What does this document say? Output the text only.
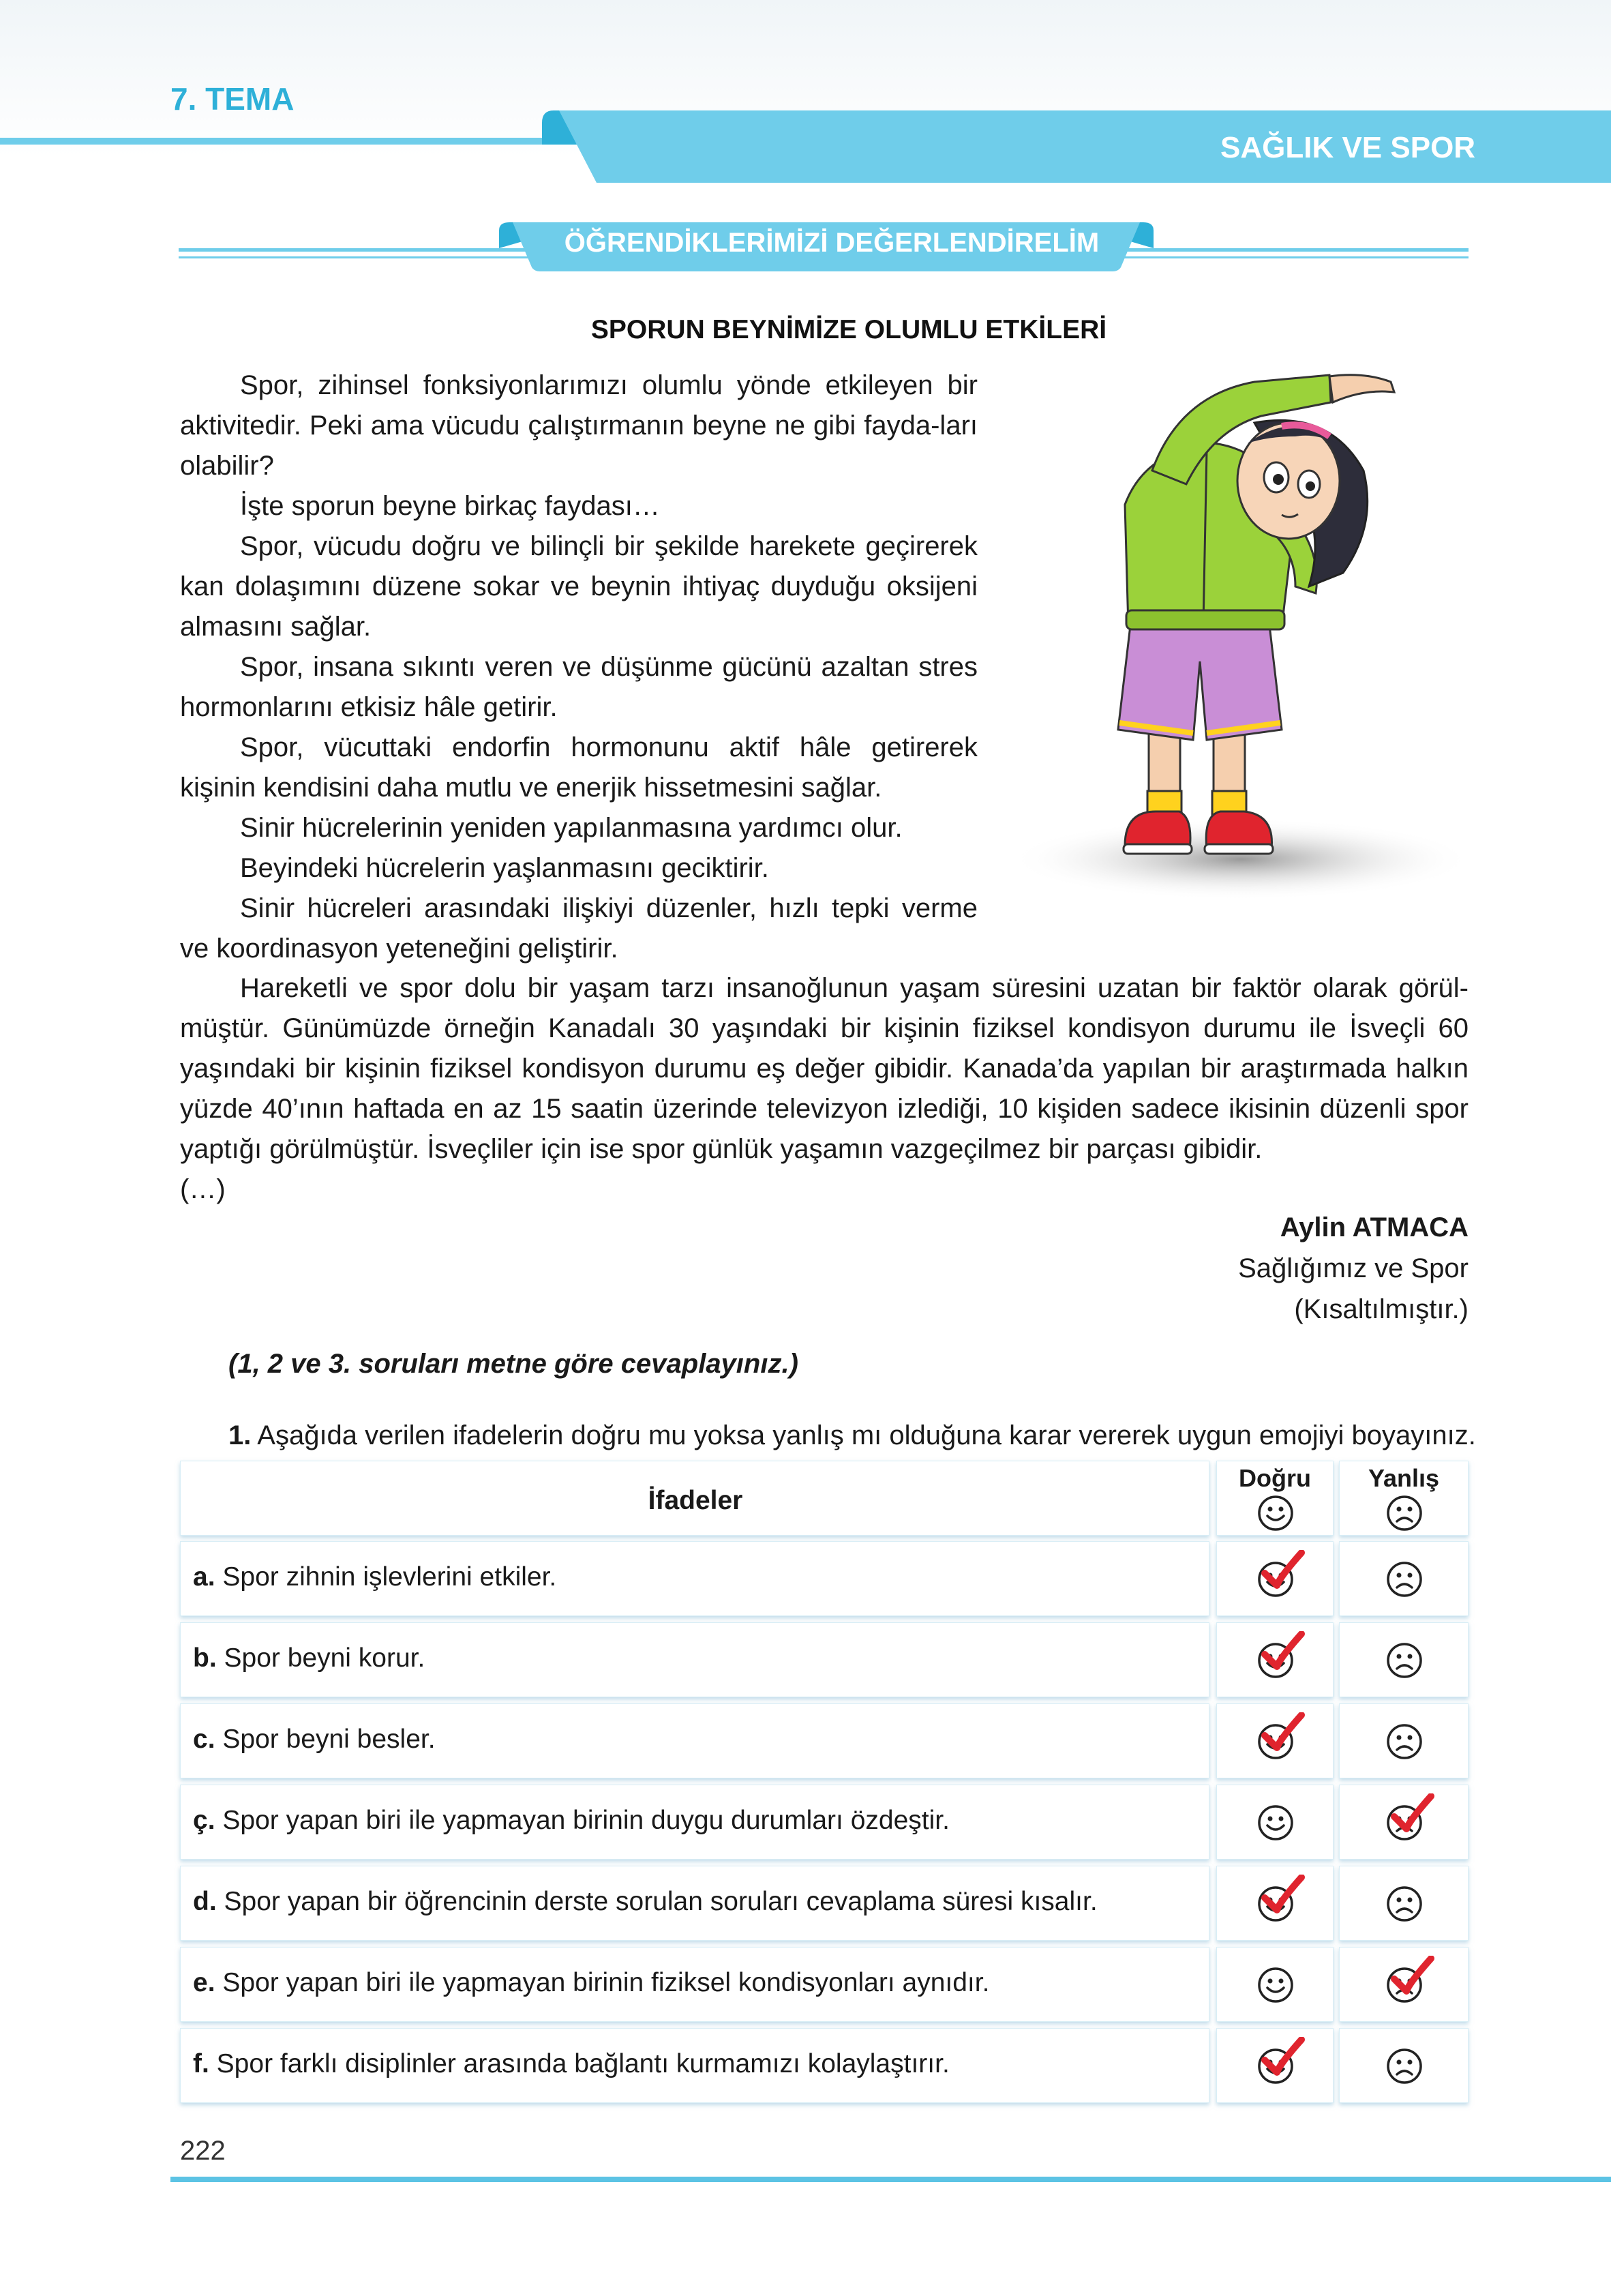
7. TEMA
SAĞLIK VE SPOR
ÖĞRENDİKLERİMİZİ DEĞERLENDİRELİM
SPORUN BEYNİMİZE OLUMLU ETKİLERİ

Spor, zihinsel fonksiyonlarımızı olumlu yönde etkileyen bir aktivitedir. Peki ama vücudu çalıştırmanın beyne ne gibi fayda-ları olabilir?

İşte sporun beyne birkaç faydası…

Spor, vücudu doğru ve bilinçli bir şekilde harekete geçirerek kan dolaşımını düzene sokar ve beynin ihtiyaç duyduğu oksijeni almasını sağlar.

Spor, insana sıkıntı veren ve düşünme gücünü azaltan stres hormonlarını etkisiz hâle getirir.

Spor, vücuttaki endorfin hormonunu aktif hâle getirerek kişinin kendisini daha mutlu ve enerjik hissetmesini sağlar.

Sinir hücrelerinin yeniden yapılanmasına yardımcı olur.

Beyindeki hücrelerin yaşlanmasını geciktirir.

Sinir hücreleri arasındaki ilişkiyi düzenler, hızlı tepki verme ve koordinasyon yeteneğini geliştirir.

Hareketli ve spor dolu bir yaşam tarzı insanoğlunun yaşam süresini uzatan bir faktör olarak görül-müştür. Günümüzde örneğin Kanadalı 30 yaşındaki bir kişinin fiziksel kondisyon durumu ile İsveçli 60 yaşındaki bir kişinin fiziksel kondisyon durumu eş değer gibidir. Kanada’da yapılan bir araştırmada halkın yüzde 40’ının haftada en az 15 saatin üzerinde televizyon izlediği, 10 kişiden sadece ikisinin düzenli spor yaptığı görülmüştür. İsveçliler için ise spor günlük yaşamın vazgeçilmez bir parçası gibidir.

(…)

Aylin ATMACA
Sağlığımız ve Spor
(Kısaltılmıştır.)
(1, 2 ve 3. soruları metne göre cevaplayınız.)
1. Aşağıda verilen ifadelerin doğru mu yoksa yanlış mı olduğuna karar vererek uygun emojiyi boyayınız.
İfadeler
Doğru	Yanlış
a. Spor zihnin işlevlerini etkiler.
b. Spor beyni korur.
c. Spor beyni besler.
ç. Spor yapan biri ile yapmayan birinin duygu durumları özdeştir.
d. Spor yapan bir öğrencinin derste sorulan soruları cevaplama süresi kısalır.
e. Spor yapan biri ile yapmayan birinin fiziksel kondisyonları aynıdır.
f. Spor farklı disiplinler arasında bağlantı kurmamızı kolaylaştırır.
222
